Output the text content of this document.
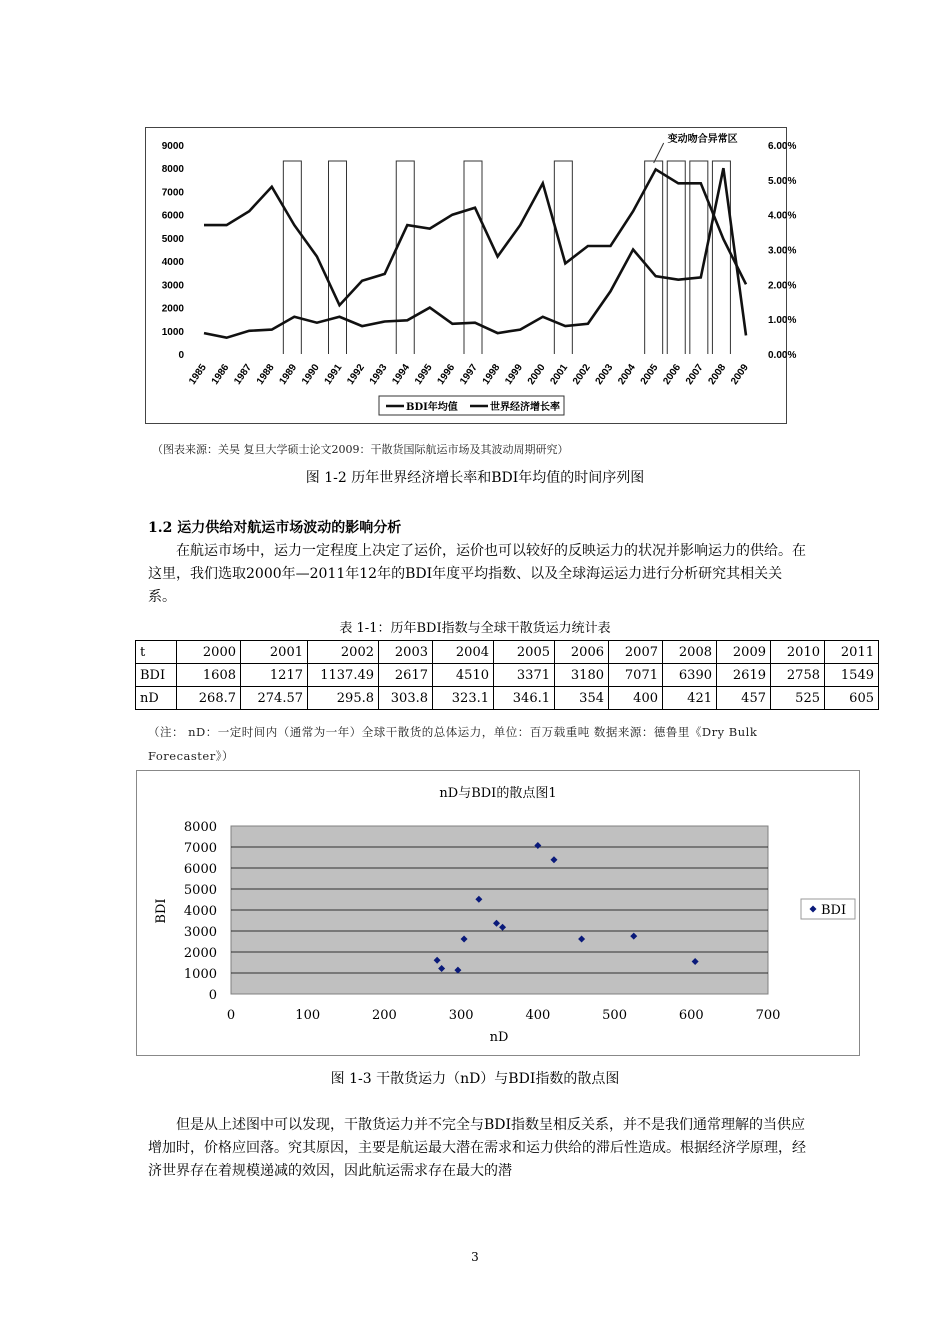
0
1000
2000
3000
4000
5000
6000
7000
8000
9000
0.00%
1.00%
2.00%
3.00%
4.00%
5.00%
6.00%
1985 1986 1987 1988 1989 1990 1991 1992 1993 1994 1995 1996 1997 1998 1999 2000 2001 2002 2003 2004 2005 2006 2007 2008 2009
变动吻合异常区
BDI年均值	世界经济增长率
（图表来源：关昊 复旦大学硕士论文2009：干散货国际航运市场及其波动周期研究）
图 1-2 历年世界经济增长率和BDI年均值的时间序列图
1.2 运力供给对航运市场波动的影响分析

在航运市场中，运力一定程度上决定了运价，运价也可以较好的反映运力的状况并影响运力的供给。在这里，我们选取2000年—2011年12年的BDI年度平均指数、以及全球海运运力进行分析研究其相关关系。

表 1-1：历年BDI指数与全球干散货运力统计表
t	2000	2001	2002	2003	2004	2005	2006	2007	2008	2009	2010	2011
BDI	1608	1217	1137.49	2617	4510	3371	3180	7071	6390	2619	2758	1549
nD	268.7	274.57	295.8	303.8	323.1	346.1	354	400	421	457	525	605
（注： nD：一定时间内（通常为一年）全球干散货的总体运力，单位：百万载重吨 数据来源：德鲁里《Dry Bulk Forecaster》）
nD与BDI的散点图1
0
1000
2000
3000
4000
5000
6000
7000
8000
0	100	200	300	400	500	600	700
nD
BDI	BDI
图 1-3 干散货运力（nD）与BDI指数的散点图

但是从上述图中可以发现，干散货运力并不完全与BDI指数呈相反关系，并不是我们通常理解的当供应增加时，价格应回落。究其原因，主要是航运最大潜在需求和运力供给的滞后性造成。根据经济学原理，经济世界存在着规模递减的效因，因此航运需求存在最大的潜

3
